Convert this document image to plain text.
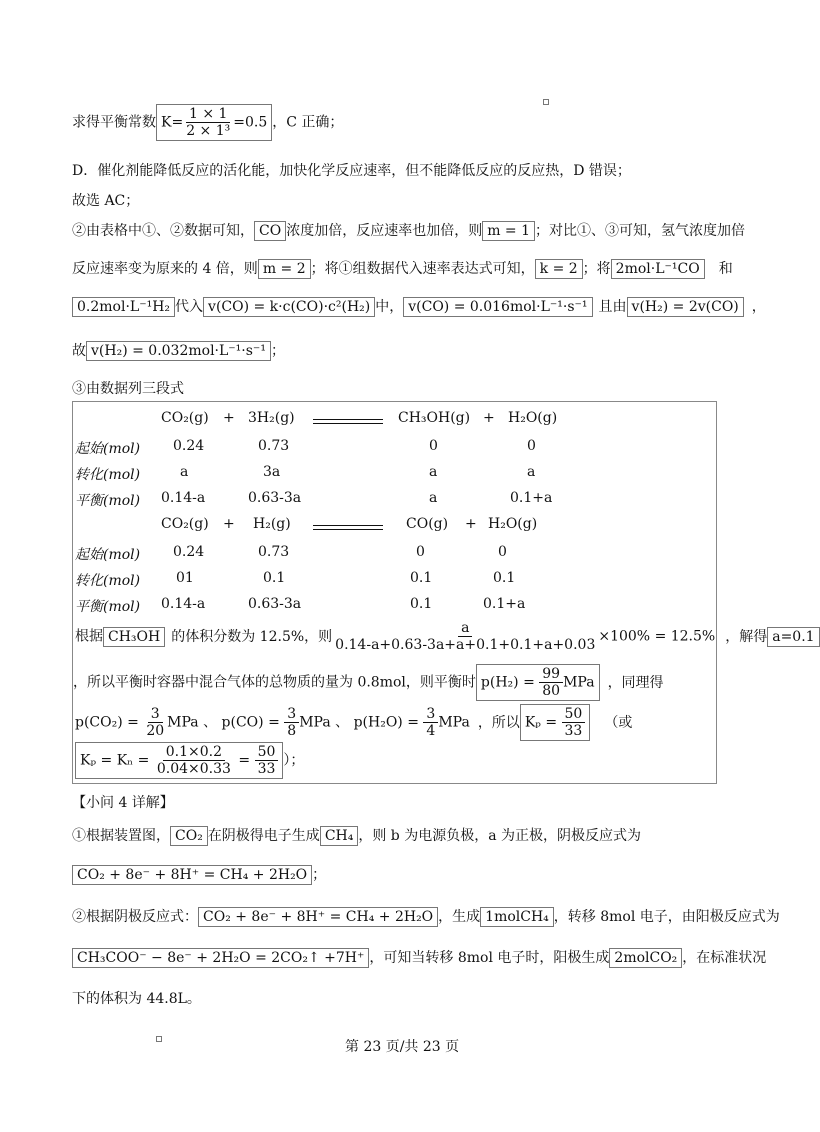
求得平衡常数 $K= \frac{1 \times 1}{\text{2 × 1³}} =0.5$ ，C 正确；
D．催化剂能降低反应的活化能，加快化学反应速率，但不能降低反应的反应热，D 错误；
故选 AC；
②由表格中①、②数据可知， CO 浓度加倍，反应速率也加倍，则 m = 1 ；对比①、③可知，氢气浓度加倍
反应速率变为原来的 4 倍，则 m = 2 ；将①组数据代入速率表达式可知， k = 2 ；将 2mol·L⁻¹CO 和
0.2mol·L⁻¹H₂ 代入 v(CO) = k·c(CO)·c²(H₂) 中， v(CO) = 0.016mol·L⁻¹·s⁻¹ 且由 v(H₂) = 2v(CO) ，
故 v(H₂) = 0.032mol·L⁻¹·s⁻¹ ；
③由数据列三段式
CO₂(g) + 3H₂(g)	CH₃OH(g) + H₂O(g)
起始(mol) 0.24	0.73	0	0
转化(mol)	a	3a	a	a
平衡(mol) 0.14-a	0.63-3a	a	0.1+a
CO₂(g) + H₂(g)	CO(g) + H₂O(g)
起始(mol) 0.24	0.73	0	0
转化(mol)	01	0.1	0.1	0.1
平衡(mol) 0.14-a	0.63-3a	0.1	0.1+a
根据 CH₃OH 的体积分数为 12.5%，则 $\frac{a}{0.14-a+0.63-3a+a+0.1+0.1+a+0.03} \times 100\% = 12.5\%$ ，解得 a=0.1
，所以平衡时容器中混合气体的总物质的量为 0.8mol，则平衡时 $p(H_2) = \frac{99}{80}$ MPa ，同理得
$p(CO_2) = \frac{3}{20}$ MPa 、 $p(CO) = \frac{3}{8}$ MPa 、 $p(H_2O) = \frac{3}{4}$ MPa ，所以 $K_p = \frac{50}{33}$ （或
$K_p = K_n = \frac{0.1\times 0.2}{0.04\times 0.33} = \frac{50}{33}$ ）；
【小问 4 详解】
①根据装置图， CO₂ 在阴极得电子生成 CH₄ ，则 b 为电源负极，a 为正极，阴极反应式为
CO₂ + 8e⁻ + 8H⁺ = CH₄ + 2H₂O ；
②根据阴极反应式： CO₂ + 8e⁻ + 8H⁺ = CH₄ + 2H₂O ，生成 1molCH₄ ，转移 8mol 电子，由阳极反应式为
CH₃COO⁻ − 8e⁻ + 2H₂O = 2CO₂↑ +7H⁺ ，可知当转移 8mol 电子时，阳极生成 2molCO₂ ，在标准状况
下的体积为 44.8L。
第 23 页/共 23 页
